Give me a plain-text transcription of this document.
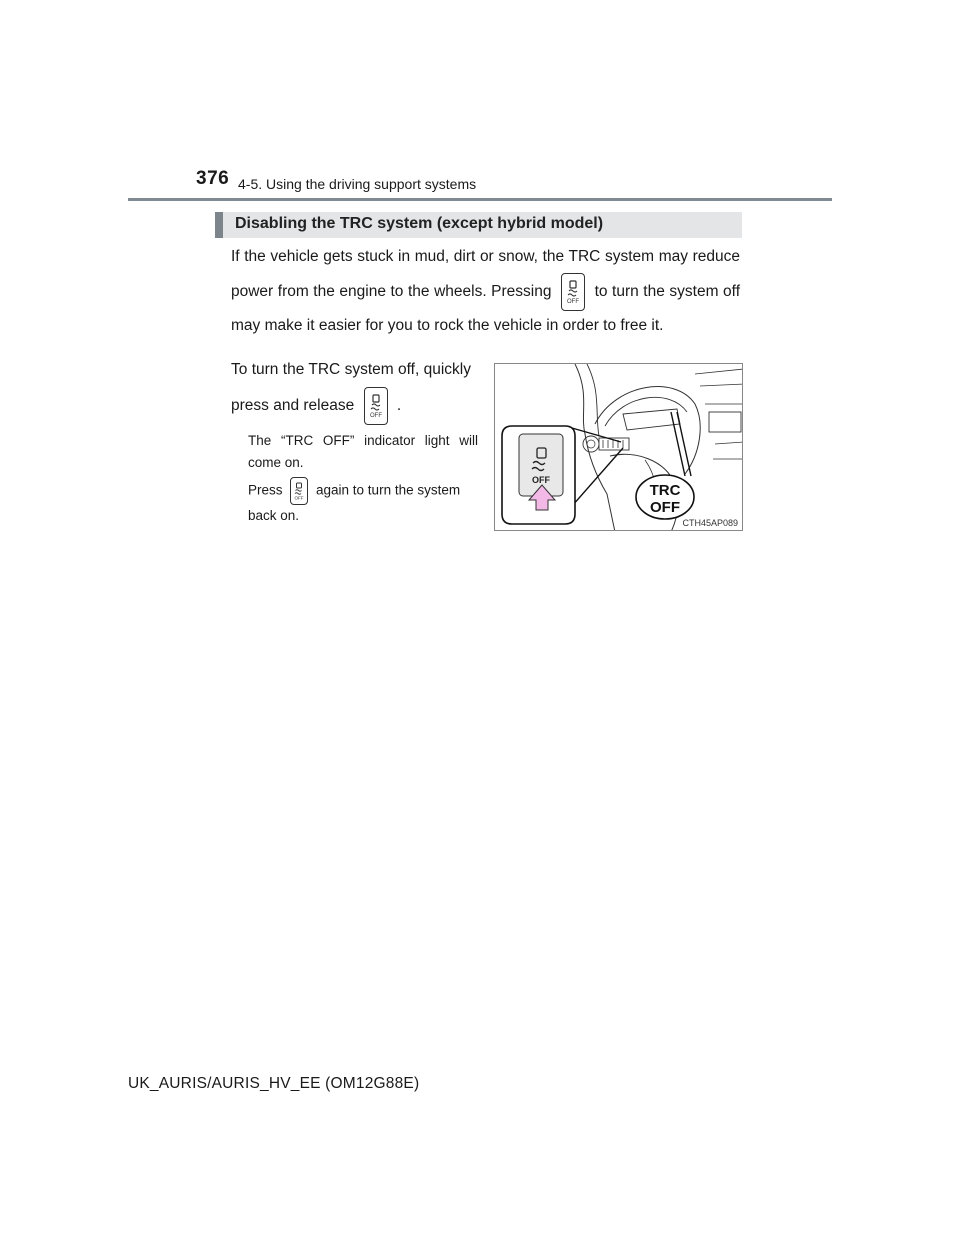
376 4-5. Using the driving support systems
Disabling the TRC system (except hybrid model)
If the vehicle gets stuck in mud, dirt or snow, the TRC system may reduce power from the engine to the wheels. Pressing
OFF
to turn the system off may make it easier for you to rock the vehicle in order to free it.
To turn the TRC system off, quickly press and release
OFF
.
The “TRC OFF” indicator light will come on.
Press
OFF
again to turn the system back on.
OFF
TRC
OFF
CTH45AP089
UK_AURIS/AURIS_HV_EE (OM12G88E)
